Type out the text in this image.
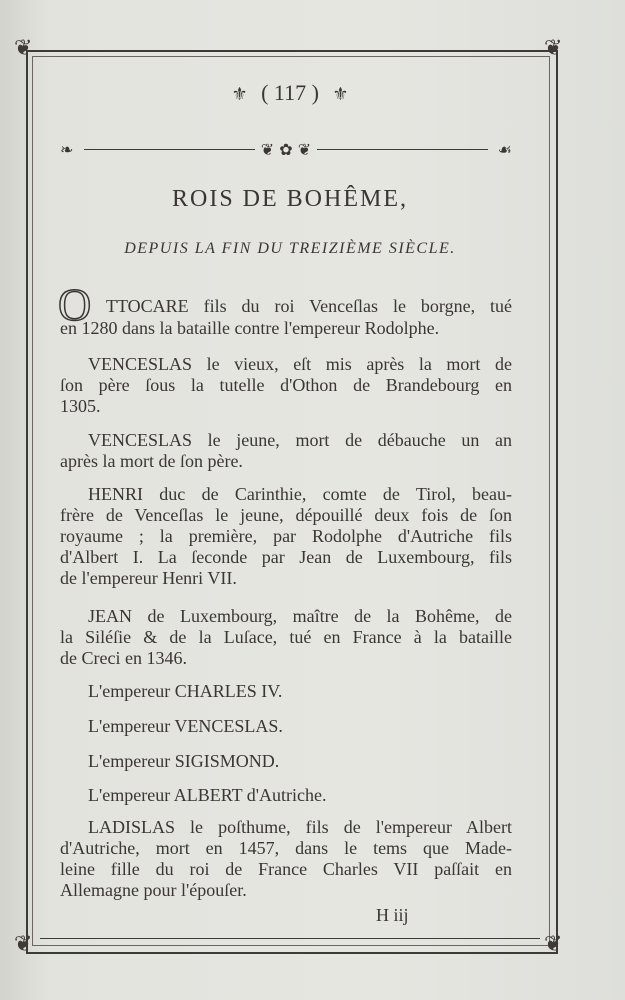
❦	❦
❦	❦
⚜ ( 117 ) ⚜
❧	❦ ✿ ❦	☙
ROIS DE BOHÊME,
DEPUIS LA FIN DU TREIZIÈME SIÈCLE.
O TTOCARE fils du roi Venceſlas le borgne, tué
en 1280 dans la bataille contre l'empereur Rodolphe.
VENCESLAS le vieux, eſt mis après la mort de
ſon père ſous la tutelle d'Othon de Brandebourg en
1305.
VENCESLAS le jeune, mort de débauche un an
après la mort de ſon père.
HENRI duc de Carinthie, comte de Tirol, beau-
frère de Venceſlas le jeune, dépouillé deux fois de ſon
royaume ; la première, par Rodolphe d'Autriche fils
d'Albert I. La ſeconde par Jean de Luxembourg, fils
de l'empereur Henri VII.
JEAN de Luxembourg, maître de la Bohême, de
la Siléſie & de la Luſace, tué en France à la bataille
de Creci en 1346.
L'empereur CHARLES IV.
L'empereur VENCESLAS.
L'empereur SIGISMOND.
L'empereur ALBERT d'Autriche.
LADISLAS le poſthume, fils de l'empereur Albert
d'Autriche, mort en 1457, dans le tems que Made-
leine fille du roi de France Charles VII paſſait en
Allemagne pour l'épouſer.
H iij
